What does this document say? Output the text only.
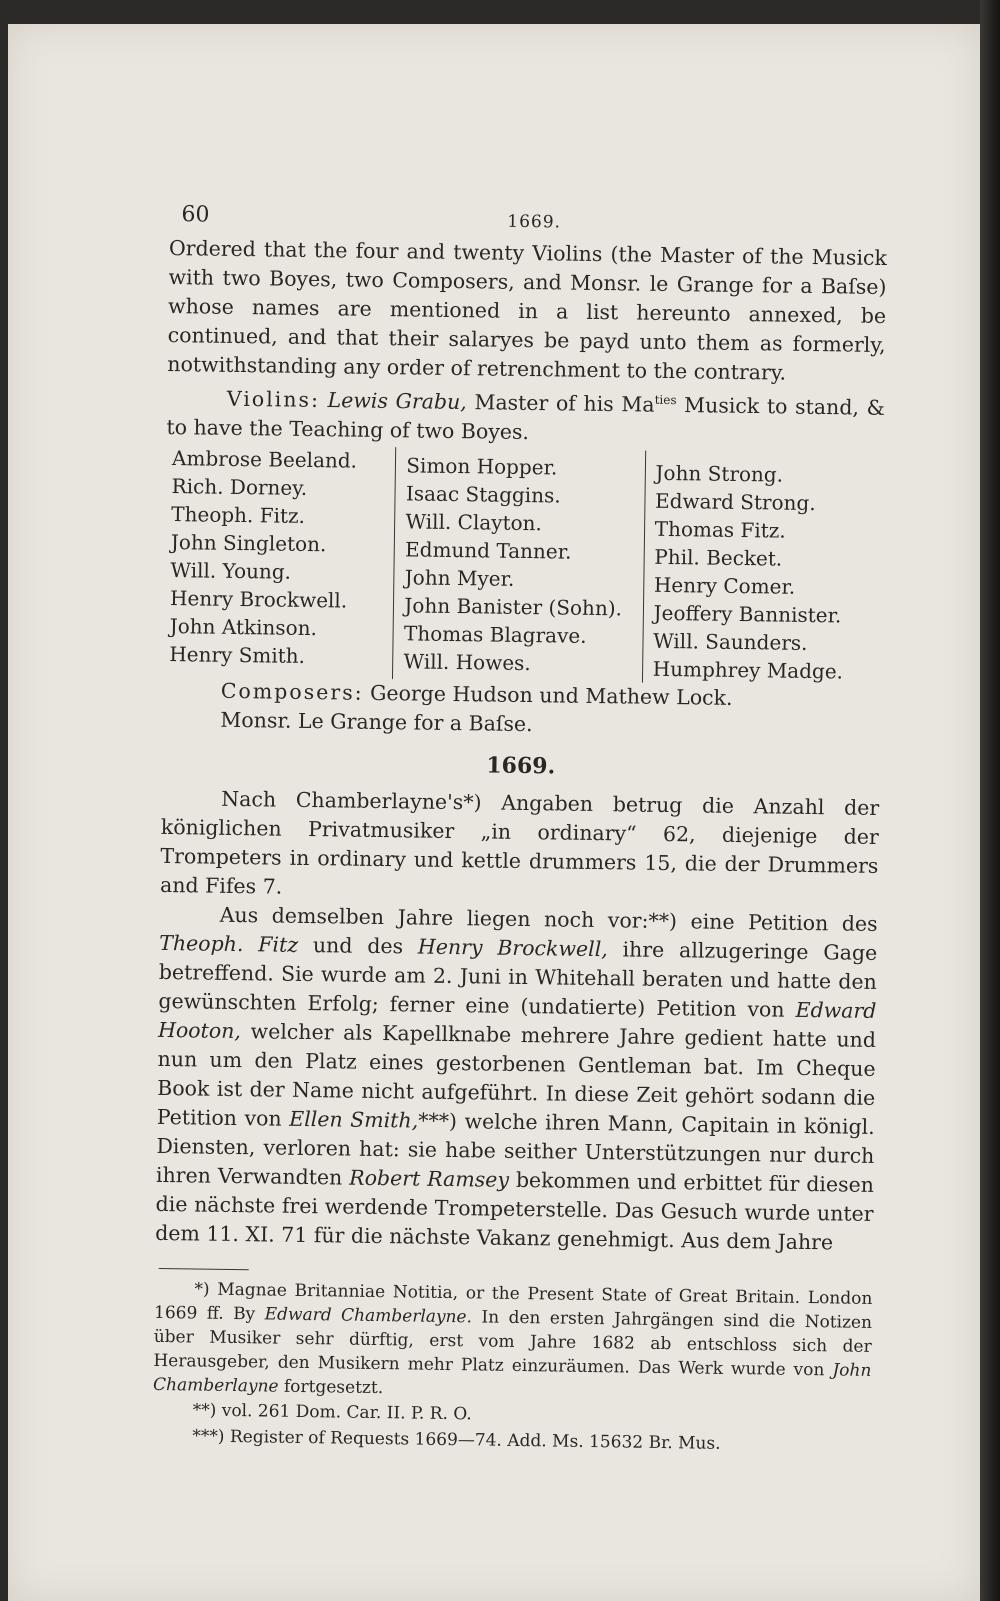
60	1669.

Ordered that the four and twenty Violins (the Master of the Musick with two Boyes, two Composers, and Monsr. le Grange for a Baſse) whose names are mentioned in a list hereunto annexed, be continued, and that their salaryes be payd unto them as formerly, notwithstanding any order of retrenchment to the contrary.

Violins: Lewis Grabu, Master of his $Ma^{ties}$ Musick to stand, & to have the Teaching of two Boyes.

Ambrose Beeland.
Rich. Dorney.
Theoph. Fitz.
John Singleton.
Will. Young.
Henry Brockwell.
John Atkinson.
Henry Smith.
Simon Hopper.
Isaac Staggins.
Will. Clayton.
Edmund Tanner.
John Myer.
John Banister (Sohn).
Thomas Blagrave.
Will. Howes.
John Strong.
Edward Strong.
Thomas Fitz.
Phil. Becket.
Henry Comer.
Jeoffery Bannister.
Will. Saunders.
Humphrey Madge.
Composers: George Hudson und Mathew Lock.
Monsr. Le Grange for a Baſse.
1669.

Nach Chamberlayne's*) Angaben betrug die Anzahl der königlichen Privatmusiker „in ordinary“ 62, diejenige der Trompeters in ordinary und kettle drummers 15, die der Drummers and Fifes 7.

Aus demselben Jahre liegen noch vor:**) eine Petition des Theoph. Fitz und des Henry Brockwell, ihre allzugeringe Gage betreffend. Sie wurde am 2. Juni in Whitehall beraten und hatte den gewünschten Erfolg; ferner eine (undatierte) Petition von Edward Hooton, welcher als Kapellknabe mehrere Jahre gedient hatte und nun um den Platz eines gestorbenen Gentleman bat. Im Cheque Book ist der Name nicht aufgeführt. In diese Zeit gehört sodann die Petition von Ellen Smith,***) welche ihren Mann, Capitain in königl. Diensten, verloren hat: sie habe seither Unterstützungen nur durch ihren Verwandten Robert Ramsey bekommen und erbittet für diesen die nächste frei werdende Trompeterstelle. Das Gesuch wurde unter dem 11. XI. 71 für die nächste Vakanz genehmigt. Aus dem Jahre

*) Magnae Britanniae Notitia, or the Present State of Great Britain. London 1669 ff. By Edward Chamberlayne. In den ersten Jahrgängen sind die Notizen über Musiker sehr dürftig, erst vom Jahre 1682 ab entschloss sich der Herausgeber, den Musikern mehr Platz einzuräumen. Das Werk wurde von John Chamberlayne fortgesetzt.

**) vol. 261 Dom. Car. II. P. R. O.
***) Register of Requests 1669—74. Add. Ms. 15632 Br. Mus.
